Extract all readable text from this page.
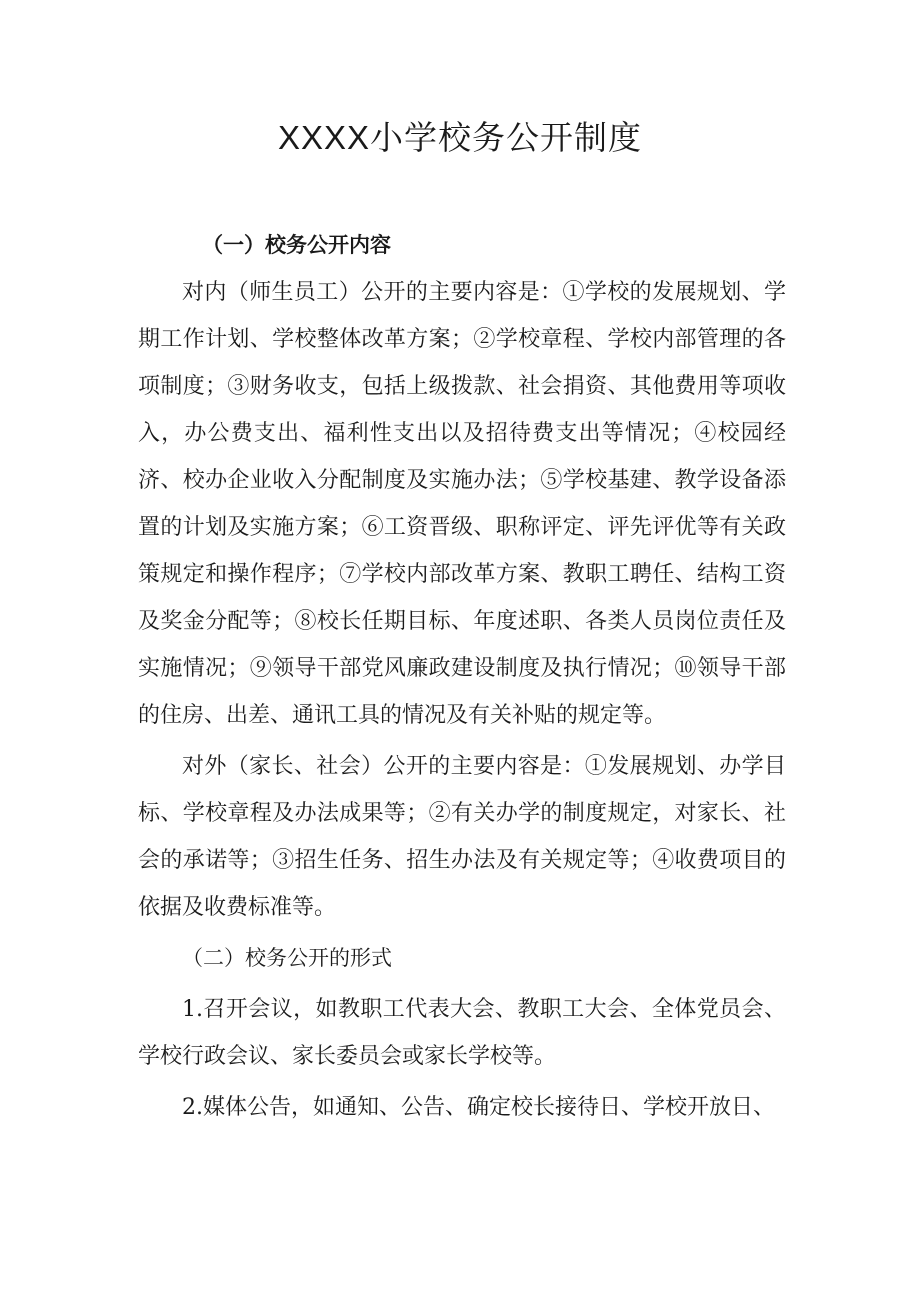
XXXX小学校务公开制度
（一）校务公开内容

对内（师生员工）公开的主要内容是：①学校的发展规划、学期工作计划、学校整体改革方案；②学校章程、学校内部管理的各项制度；③财务收支，包括上级拨款、社会捐资、其他费用等项收入，办公费支出、福利性支出以及招待费支出等情况；④校园经济、校办企业收入分配制度及实施办法；⑤学校基建、教学设备添置的计划及实施方案；⑥工资晋级、职称评定、评先评优等有关政策规定和操作程序；⑦学校内部改革方案、教职工聘任、结构工资及奖金分配等；⑧校长任期目标、年度述职、各类人员岗位责任及实施情况；⑨领导干部党风廉政建设制度及执行情况；⑩领导干部的住房、出差、通讯工具的情况及有关补贴的规定等。

对外（家长、社会）公开的主要内容是：①发展规划、办学目标、学校章程及办法成果等；②有关办学的制度规定，对家长、社会的承诺等；③招生任务、招生办法及有关规定等；④收费项目的依据及收费标准等。

（二）校务公开的形式

1.召开会议，如教职工代表大会、教职工大会、全体党员会、学校行政会议、家长委员会或家长学校等。

2.媒体公告，如通知、公告、确定校长接待日、学校开放日、
